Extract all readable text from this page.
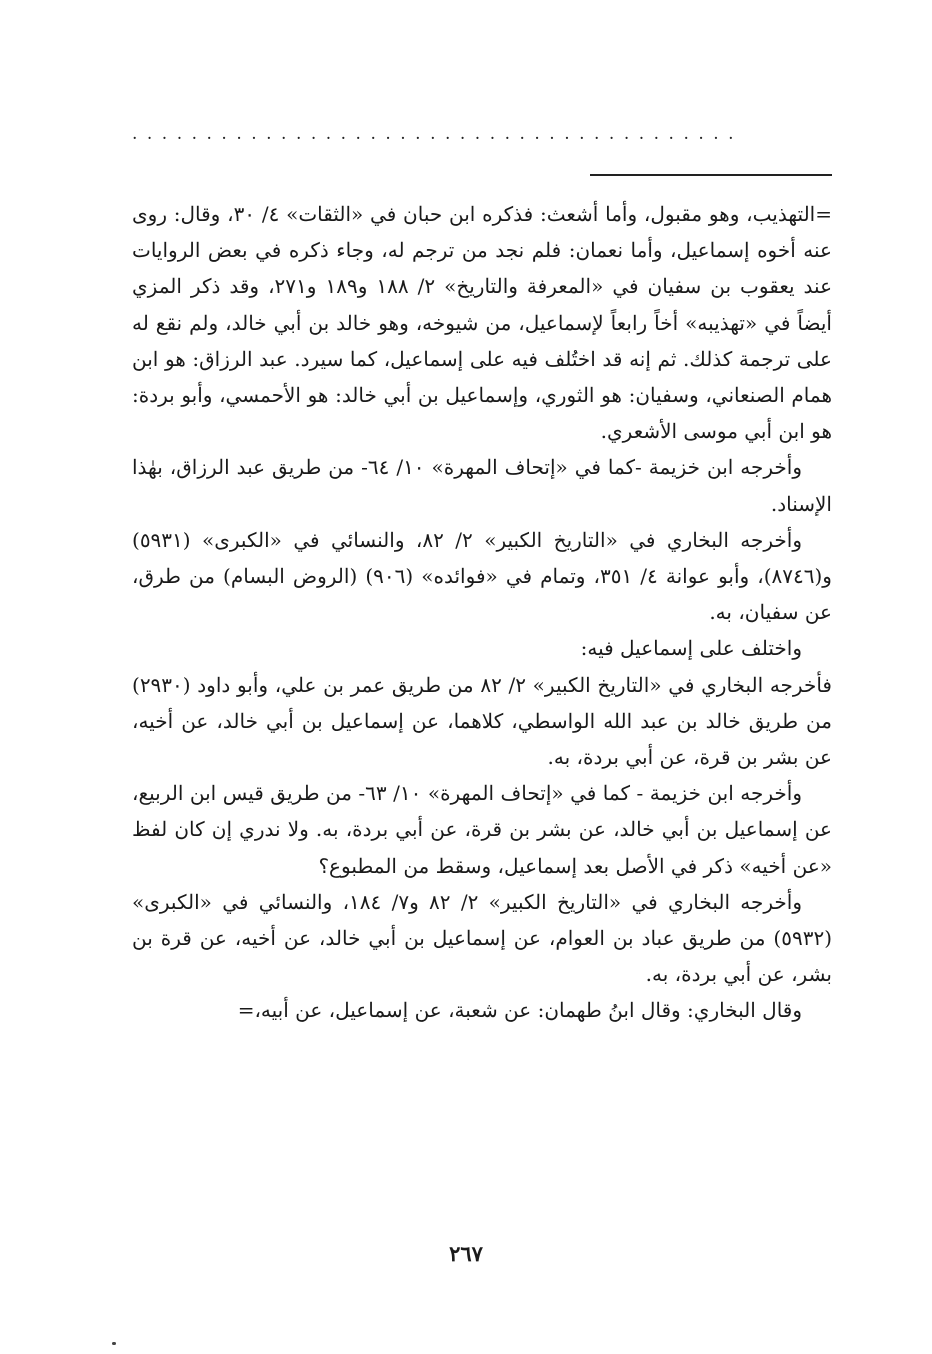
.........................................

=التهذيب، وهو مقبول، وأما أشعث: فذكره ابن حبان في «الثقات» ٤/ ٣٠، وقال: روى عنه أخوه إسماعيل، وأما نعمان: فلم نجد من ترجم له، وجاء ذكره في بعض الروايات عند يعقوب بن سفيان في «المعرفة والتاريخ» ٢/ ١٨٨ و١٨٩ و٢٧١، وقد ذكر المزي أيضاً في «تهذيبه» أخاً رابعاً لإسماعيل، من شيوخه، وهو خالد بن أبي خالد، ولم نقع له على ترجمة كذلك. ثم إنه قد اختُلف فيه على إسماعيل، كما سيرد. عبد الرزاق: هو ابن همام الصنعاني، وسفيان: هو الثوري، وإسماعيل بن أبي خالد: هو الأحمسي، وأبو بردة: هو ابن أبي موسى الأشعري.

وأخرجه ابن خزيمة -كما في «إتحاف المهرة» ١٠/ ٦٤- من طريق عبد الرزاق، بهٰذا الإسناد.

وأخرجه البخاري في «التاريخ الكبير» ٢/ ٨٢، والنسائي في «الكبرى» (٥٩٣١) و(٨٧٤٦)، وأبو عوانة ٤/ ٣٥١، وتمام في «فوائده» (٩٠٦) (الروض البسام) من طرق، عن سفيان، به.

واختلف على إسماعيل فيه:

فأخرجه البخاري في «التاريخ الكبير» ٢/ ٨٢ من طريق عمر بن علي، وأبو داود (٢٩٣٠) من طريق خالد بن عبد الله الواسطي، كلاهما، عن إسماعيل بن أبي خالد، عن أخيه، عن بشر بن قرة، عن أبي بردة، به.

وأخرجه ابن خزيمة - كما في «إتحاف المهرة» ١٠/ ٦٣- من طريق قيس ابن الربيع، عن إسماعيل بن أبي خالد، عن بشر بن قرة، عن أبي بردة، به. ولا ندري إن كان لفظ «عن أخيه» ذكر في الأصل بعد إسماعيل، وسقط من المطبوع؟

وأخرجه البخاري في «التاريخ الكبير» ٢/ ٨٢ و٧/ ١٨٤، والنسائي في «الكبرى» (٥٩٣٢) من طريق عباد بن العوام، عن إسماعيل بن أبي خالد، عن أخيه، عن قرة بن بشر، عن أبي بردة، به.

وقال البخاري: وقال ابنُ طهمان: عن شعبة، عن إسماعيل، عن أبيه،=

٢٦٧
